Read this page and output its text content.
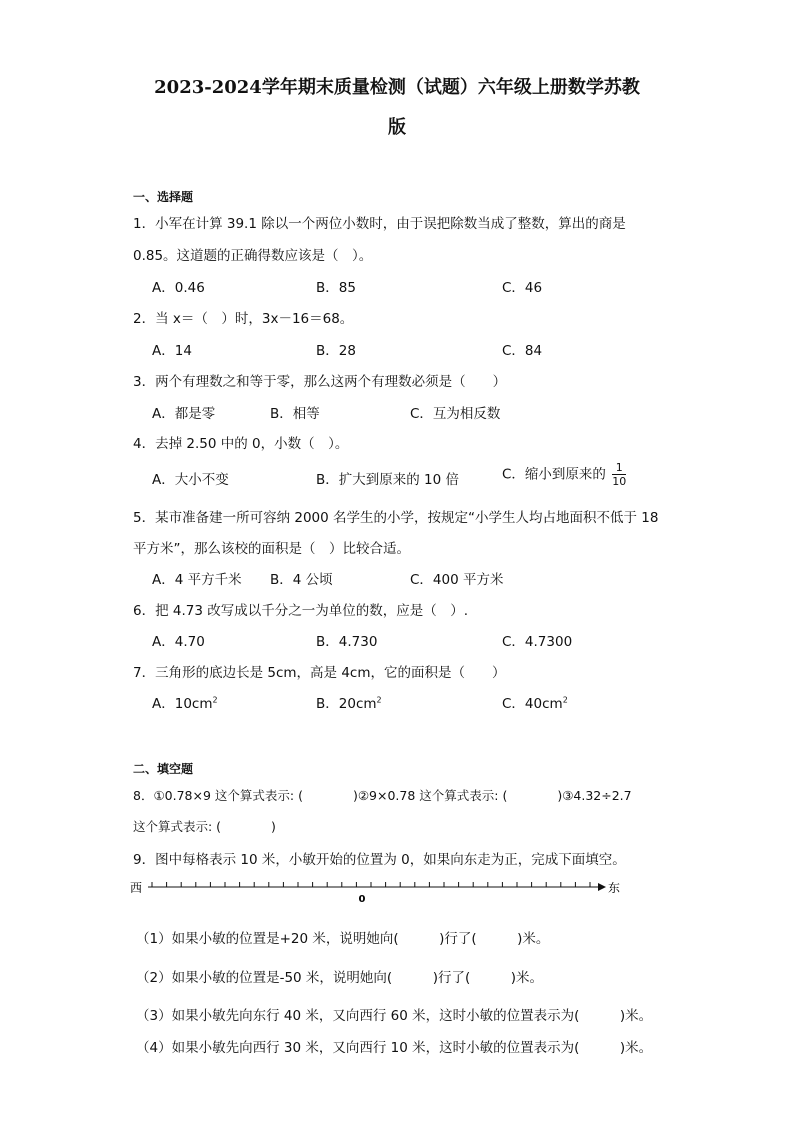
2023-2024学年期末质量检测（试题）六年级上册数学苏教
版
一、选择题
1．小军在计算 39.1 除以一个两位小数时，由于误把除数当成了整数，算出的商是
0.85。这道题的正确得数应该是（　）。
A．0.46	B．85	C．46
2．当 x＝（　）时，3x－16＝68。
A．14	B．28	C．84
3．两个有理数之和等于零，那么这两个有理数必须是（　　）
A．都是零	B．相等	C．互为相反数
4．去掉 2.50 中的 0，小数（　）。
A．大小不变	B．扩大到原来的 10 倍	C．缩小到原来的 $\frac{1}{10}$
5．某市准备建一所可容纳 2000 名学生的小学，按规定“小学生人均占地面积不低于 18
平方米”，那么该校的面积是（　）比较合适。
A．4 平方千米 B．4 公顷	C．400 平方米
6．把 4.73 改写成以千分之一为单位的数，应是（　）.
A．4.70	B．4.730	C．4.7300
7．三角形的底边长是 5cm，高是 4cm，它的面积是（　　）
A．$10cm^2$	B．$20cm^2$	C．$40cm^2$
二、填空题
8．①0.78×9 这个算式表示: (　　　　)②9×0.78 这个算式表示: (　　　　)③4.32÷2.7
这个算式表示: (　　　　)
9．图中每格表示 10 米，小敏开始的位置为 0，如果向东走为正，完成下面填空。
西
0
东
（1）如果小敏的位置是+20 米，说明她向(　　　)行了(　　　)米。
（2）如果小敏的位置是-50 米，说明她向(　　　)行了(　　　)米。
（3）如果小敏先向东行 40 米，又向西行 60 米，这时小敏的位置表示为(　　　)米。
（4）如果小敏先向西行 30 米，又向西行 10 米，这时小敏的位置表示为(　　　)米。
